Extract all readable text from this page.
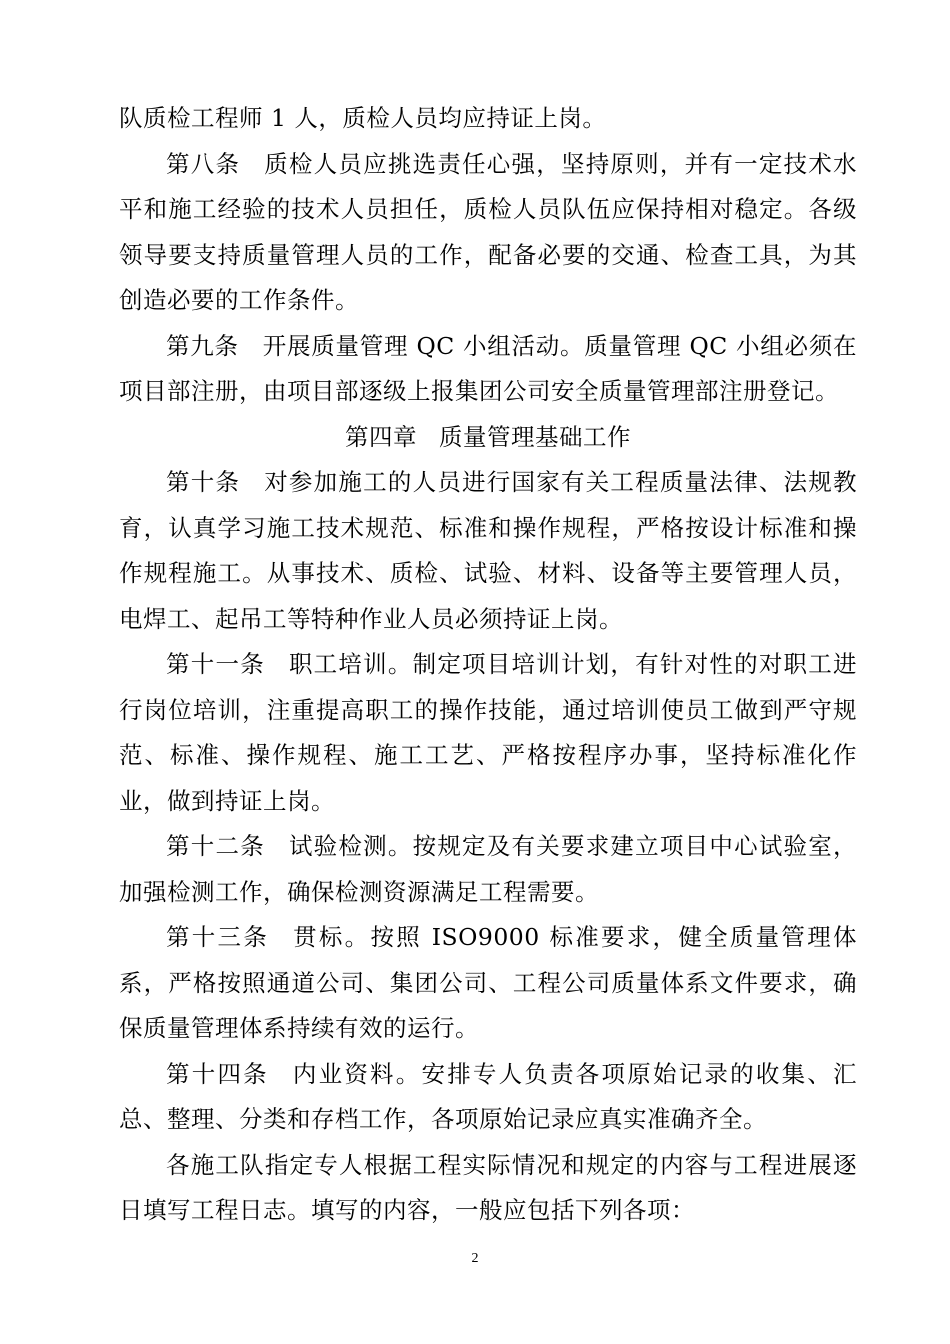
队质检工程师 1 人，质检人员均应持证上岗。

第八条 质检人员应挑选责任心强，坚持原则，并有一定技术水平和施工经验的技术人员担任，质检人员队伍应保持相对稳定。各级领导要支持质量管理人员的工作，配备必要的交通、检查工具，为其创造必要的工作条件。

第九条 开展质量管理 QC 小组活动。质量管理 QC 小组必须在项目部注册，由项目部逐级上报集团公司安全质量管理部注册登记。

第四章 质量管理基础工作

第十条 对参加施工的人员进行国家有关工程质量法律、法规教育，认真学习施工技术规范、标准和操作规程，严格按设计标准和操作规程施工。从事技术、质检、试验、材料、设备等主要管理人员，电焊工、起吊工等特种作业人员必须持证上岗。

第十一条 职工培训。制定项目培训计划，有针对性的对职工进行岗位培训，注重提高职工的操作技能，通过培训使员工做到严守规范、标准、操作规程、施工工艺、严格按程序办事，坚持标准化作业，做到持证上岗。

第十二条 试验检测。按规定及有关要求建立项目中心试验室，加强检测工作，确保检测资源满足工程需要。

第十三条 贯标。按照 ISO9000 标准要求，健全质量管理体系，严格按照通道公司、集团公司、工程公司质量体系文件要求，确保质量管理体系持续有效的运行。

第十四条 内业资料。安排专人负责各项原始记录的收集、汇总、整理、分类和存档工作，各项原始记录应真实准确齐全。

各施工队指定专人根据工程实际情况和规定的内容与工程进展逐日填写工程日志。填写的内容，一般应包括下列各项：

2
